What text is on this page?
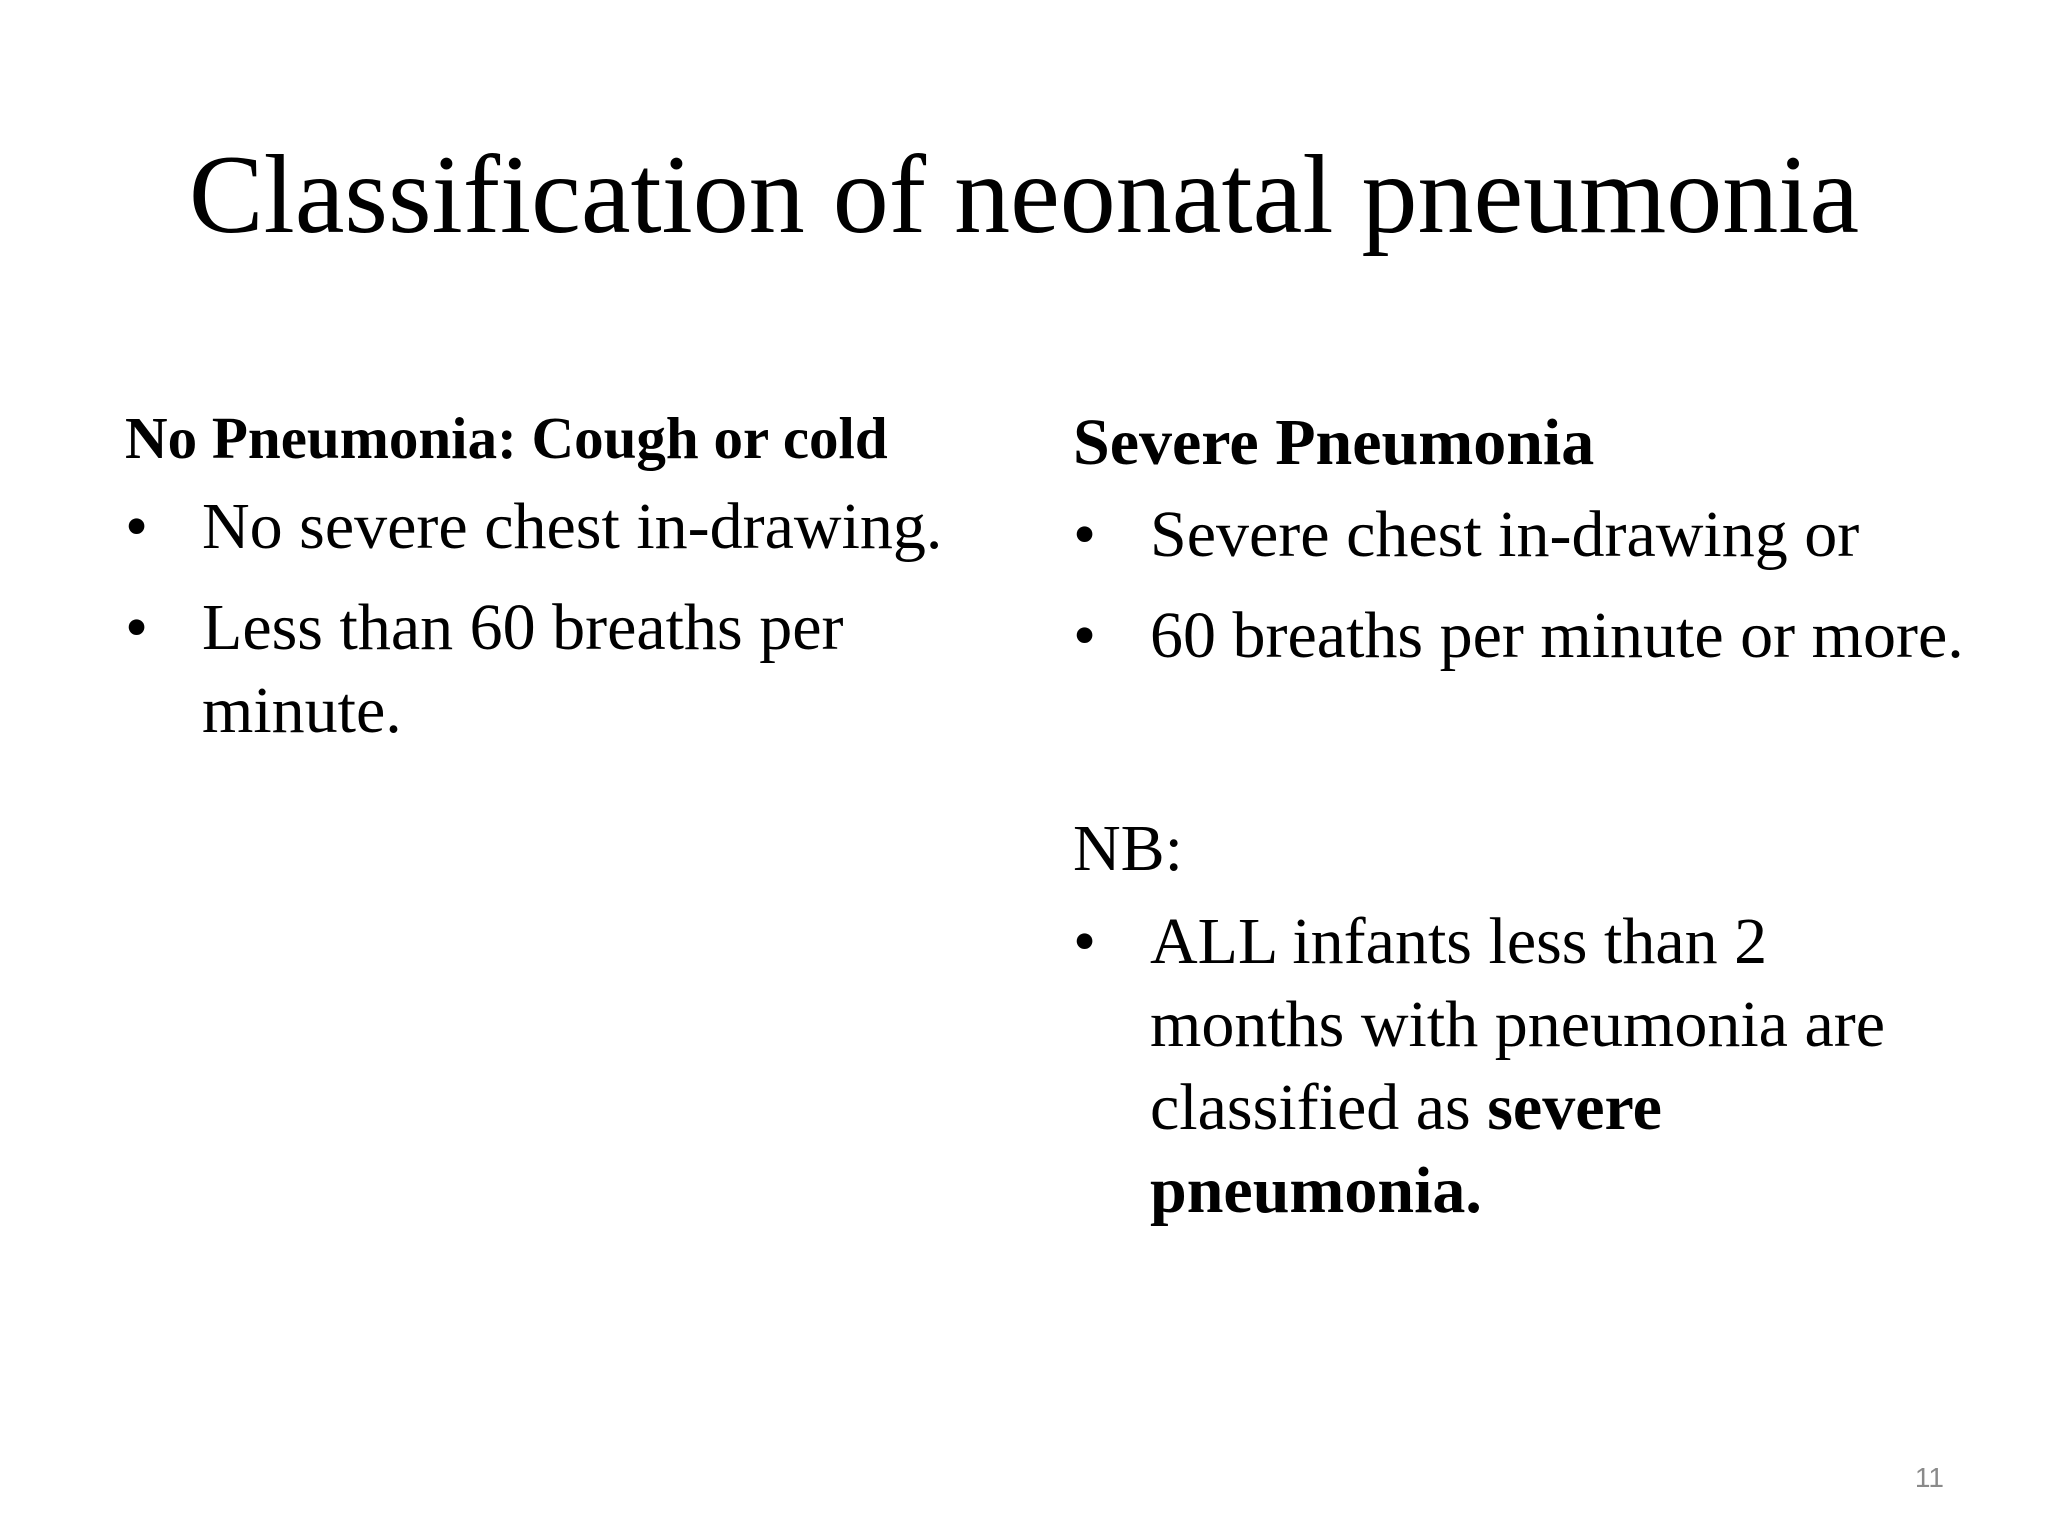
Classification of neonatal pneumonia
No Pneumonia: Cough or cold
• No severe chest in-drawing.
• Less than 60 breaths per minute.
Severe Pneumonia
• Severe chest in-drawing or
• 60 breaths per minute or more.
NB:
• ALL infants less than 2 months with pneumonia are classified as severe pneumonia.
11
